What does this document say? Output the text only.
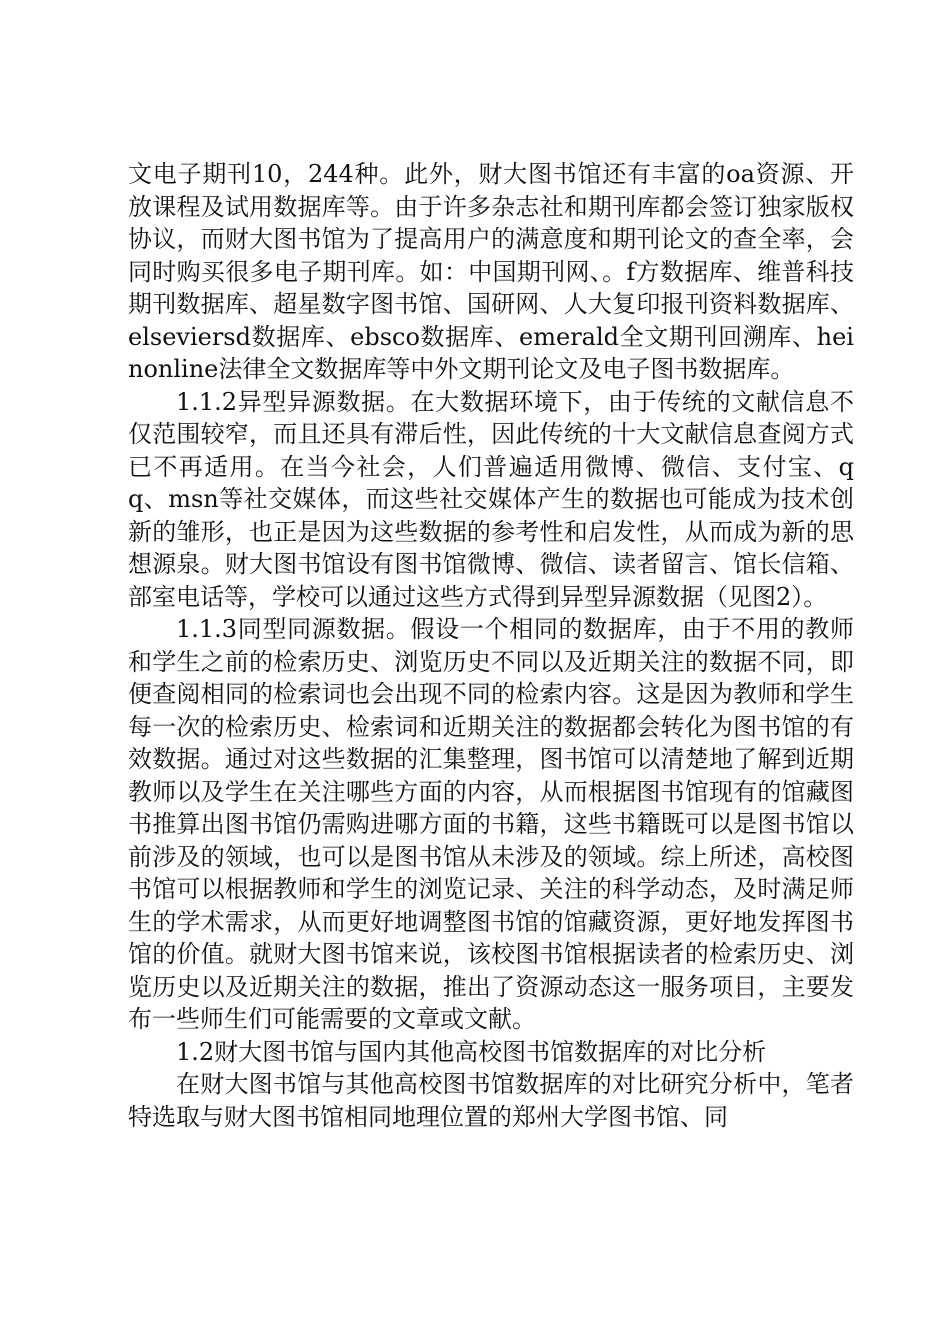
文电子期刊10，244种。此外，财大图书馆还有丰富的oa资源、开放课程及试用数据库等。由于许多杂志社和期刊库都会签订独家版权协议，而财大图书馆为了提高用户的满意度和期刊论文的查全率，会同时购买很多电子期刊库。如：中国期刊网、。f方数据库、维普科技期刊数据库、超星数字图书馆、国研网、人大复印报刊资料数据库、elseviersd数据库、ebsco数据库、emerald全文期刊回溯库、heinonline法律全文数据库等中外文期刊论文及电子图书数据库。

1.1.2异型异源数据。在大数据环境下，由于传统的文献信息不仅范围较窄，而且还具有滞后性，因此传统的十大文献信息查阅方式已不再适用。在当今社会，人们普遍适用微博、微信、支付宝、qq、msn等社交媒体，而这些社交媒体产生的数据也可能成为技术创新的雏形，也正是因为这些数据的参考性和启发性，从而成为新的思想源泉。财大图书馆设有图书馆微博、微信、读者留言、馆长信箱、部室电话等，学校可以通过这些方式得到异型异源数据（见图2）。

1.1.3同型同源数据。假设一个相同的数据库，由于不用的教师和学生之前的检索历史、浏览历史不同以及近期关注的数据不同，即便查阅相同的检索词也会出现不同的检索内容。这是因为教师和学生每一次的检索历史、检索词和近期关注的数据都会转化为图书馆的有效数据。通过对这些数据的汇集整理，图书馆可以清楚地了解到近期教师以及学生在关注哪些方面的内容，从而根据图书馆现有的馆藏图书推算出图书馆仍需购进哪方面的书籍，这些书籍既可以是图书馆以前涉及的领域，也可以是图书馆从未涉及的领域。综上所述，高校图书馆可以根据教师和学生的浏览记录、关注的科学动态，及时满足师生的学术需求，从而更好地调整图书馆的馆藏资源，更好地发挥图书馆的价值。就财大图书馆来说，该校图书馆根据读者的检索历史、浏览历史以及近期关注的数据，推出了资源动态这一服务项目，主要发布一些师生们可能需要的文章或文献。

1.2财大图书馆与国内其他高校图书馆数据库的对比分析

在财大图书馆与其他高校图书馆数据库的对比研究分析中，笔者特选取与财大图书馆相同地理位置的郑州大学图书馆、同
